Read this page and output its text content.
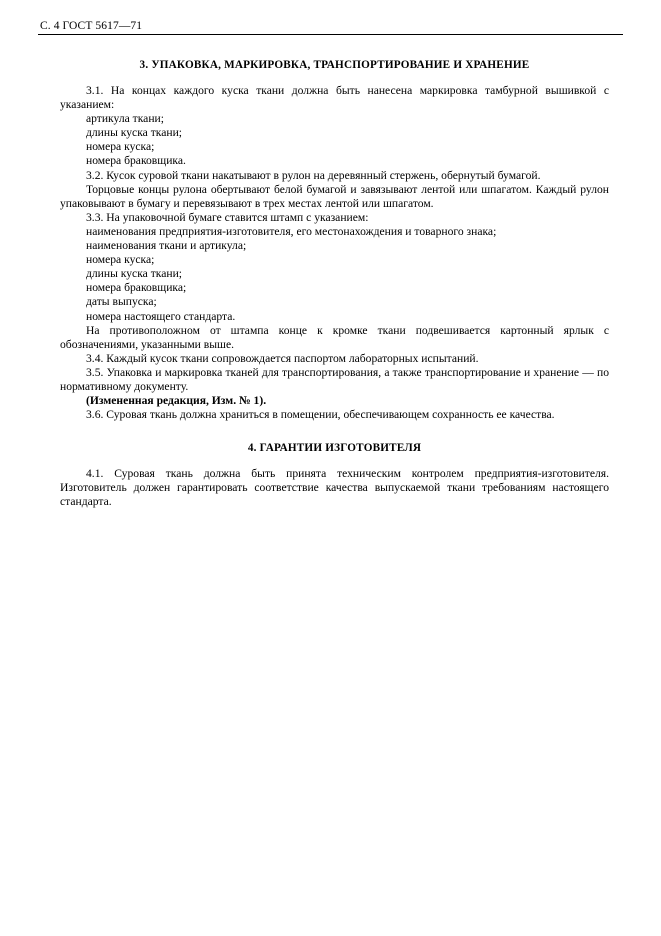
С. 4 ГОСТ 5617—71
3. УПАКОВКА, МАРКИРОВКА, ТРАНСПОРТИРОВАНИЕ И ХРАНЕНИЕ

3.1. На концах каждого куска ткани должна быть нанесена маркировка тамбурной вышивкой с указанием:

артикула ткани;

длины куска ткани;

номера куска;

номера браковщика.

3.2. Кусок суровой ткани накатывают в рулон на деревянный стержень, обернутый бумагой.

Торцовые концы рулона обертывают белой бумагой и завязывают лентой или шпагатом. Каждый рулон упаковывают в бумагу и перевязывают в трех местах лентой или шпагатом.

3.3. На упаковочной бумаге ставится штамп с указанием:

наименования предприятия-изготовителя, его местонахождения и товарного знака;

наименования ткани и артикула;

номера куска;

длины куска ткани;

номера браковщика;

даты выпуска;

номера настоящего стандарта.

На противоположном от штампа конце к кромке ткани подвешивается картонный ярлык с обозначениями, указанными выше.

3.4. Каждый кусок ткани сопровождается паспортом лабораторных испытаний.

3.5. Упаковка и маркировка тканей для транспортирования, а также транспортирование и хранение — по нормативному документу.

(Измененная редакция, Изм. № 1).

3.6. Суровая ткань должна храниться в помещении, обеспечивающем сохранность ее качества.

4. ГАРАНТИИ ИЗГОТОВИТЕЛЯ

4.1. Суровая ткань должна быть принята техническим контролем предприятия-изготовителя. Изготовитель должен гарантировать соответствие качества выпускаемой ткани требованиям настоящего стандарта.
